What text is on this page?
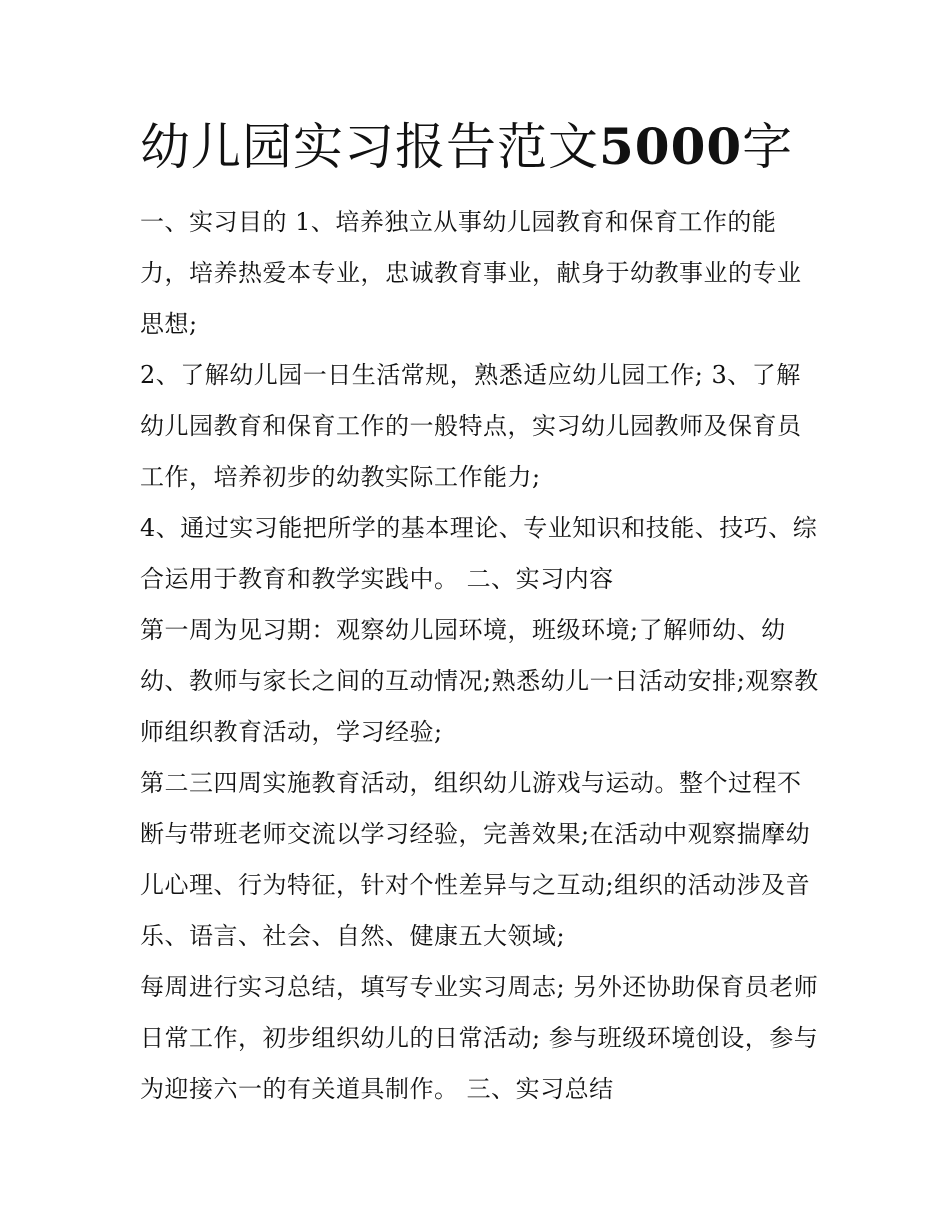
幼儿园实习报告范文5000字

一、实习目的 1、培养独立从事幼儿园教育和保育工作的能力，培养热爱本专业，忠诚教育事业，献身于幼教事业的专业思想;

2、了解幼儿园一日生活常规，熟悉适应幼儿园工作; 3、了解幼儿园教育和保育工作的一般特点，实习幼儿园教师及保育员工作，培养初步的幼教实际工作能力;

4、通过实习能把所学的基本理论、专业知识和技能、技巧、综合运用于教育和教学实践中。 二、实习内容

第一周为见习期：观察幼儿园环境，班级环境;了解师幼、幼幼、教师与家长之间的互动情况;熟悉幼儿一日活动安排;观察教师组织教育活动，学习经验;

第二三四周实施教育活动，组织幼儿游戏与运动。整个过程不断与带班老师交流以学习经验，完善效果;在活动中观察揣摩幼儿心理、行为特征，针对个性差异与之互动;组织的活动涉及音乐、语言、社会、自然、健康五大领域;

每周进行实习总结，填写专业实习周志; 另外还协助保育员老师日常工作，初步组织幼儿的日常活动; 参与班级环境创设，参与为迎接六一的有关道具制作。 三、实习总结
